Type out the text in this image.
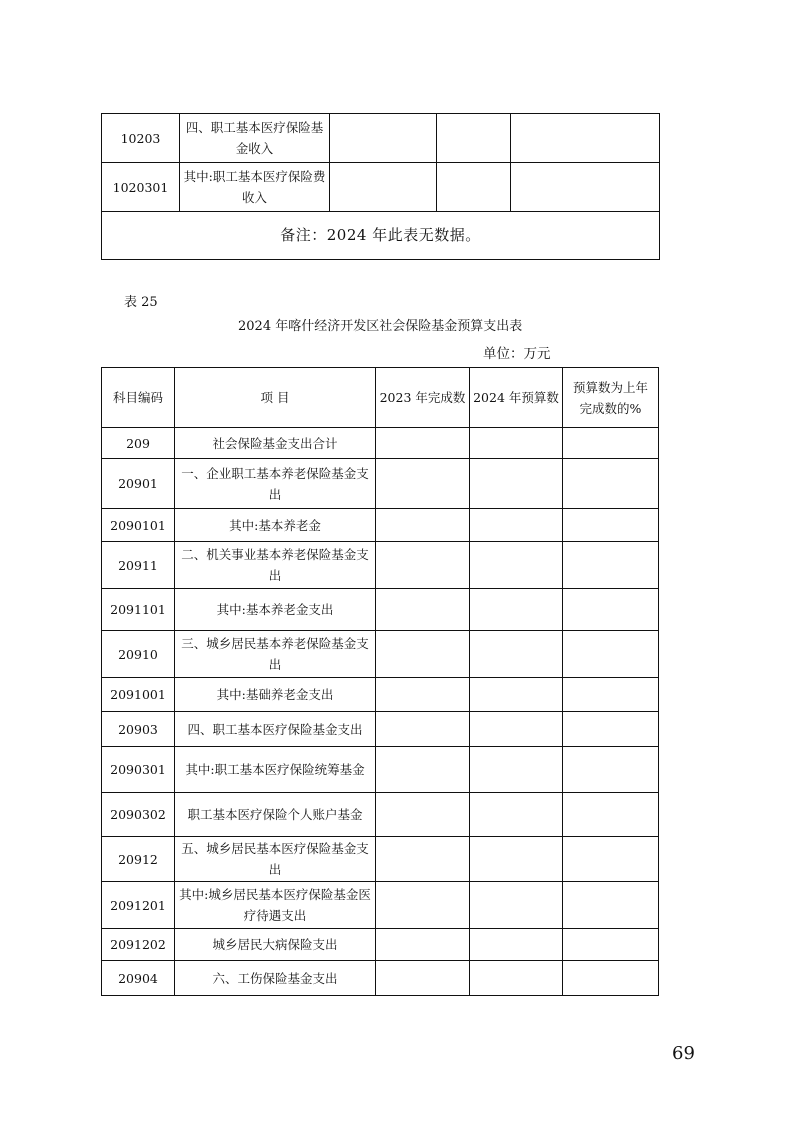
10203	四、职工基本医疗保险基金收入			
1020301	其中:职工基本医疗保险费收入			
备注：2024 年此表无数据。				
表 25
2024 年喀什经济开发区社会保险基金预算支出表
单位：万元
科目编码	项 目	2023 年完成数	2024 年预算数	预算数为上年完成数的%
209	社会保险基金支出合计			
20901	一、企业职工基本养老保险基金支出			
2090101	其中:基本养老金			
20911	二、机关事业基本养老保险基金支出			
2091101	其中:基本养老金支出			
20910	三、城乡居民基本养老保险基金支出			
2091001	其中:基础养老金支出			
20903	四、职工基本医疗保险基金支出			
2090301	其中:职工基本医疗保险统筹基金			
2090302	职工基本医疗保险个人账户基金			
20912	五、城乡居民基本医疗保险基金支出			
2091201	其中:城乡居民基本医疗保险基金医疗待遇支出			
2091202	城乡居民大病保险支出			
20904	六、工伤保险基金支出			
69
